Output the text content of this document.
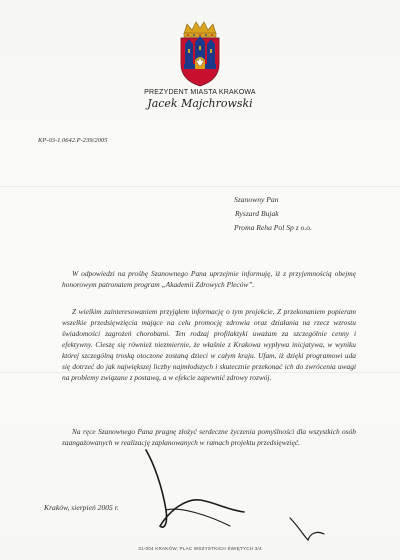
PREZYDENT MIASTA KRAKOWA
Jacek Majchrowski
KP-03-1.0642.P-239/2005
Szanowny Pan
Ryszard Bujak
Proma Reha Pol Sp z o.o.
W odpowiedzi na prośbę Szanownego Pana uprzejmie informuję, iż z przyjemnością obejmę honorowym patronatem program „Akademii Zdrowych Pleców”.
Z wielkim zainteresowaniem przyjąłem informację o tym projekcie. Z przekonaniem popieram wszelkie przedsięwzięcia mające na celu promocję zdrowia oraz działania na rzecz wzrostu świadomości zagrożeń chorobami. Ten rodzaj profilaktyki uważam za szczególnie cenny i efektywny. Cieszę się również niezmiernie, że właśnie z Krakowa wypływa inicjatywa, w wyniku której szczególną troską otoczone zostaną dzieci w całym kraju. Ufam, iż dzięki programowi uda się dotrzeć do jak największej liczby najmłodszych i skutecznie przekonać ich do zwrócenia uwagi na problemy związane z postawą, a w efekcie zapewnić zdrowy rozwój.
Na ręce Szanownego Pana pragnę złożyć serdeczne życzenia pomyślności dla wszystkich osób zaangażowanych w realizację zaplanowanych w ramach projektu przedsięwzięć.
Kraków, sierpień 2005 r.
31-004 KRAKÓW, PLAC WSZYSTKICH ŚWIĘTYCH 3/4
